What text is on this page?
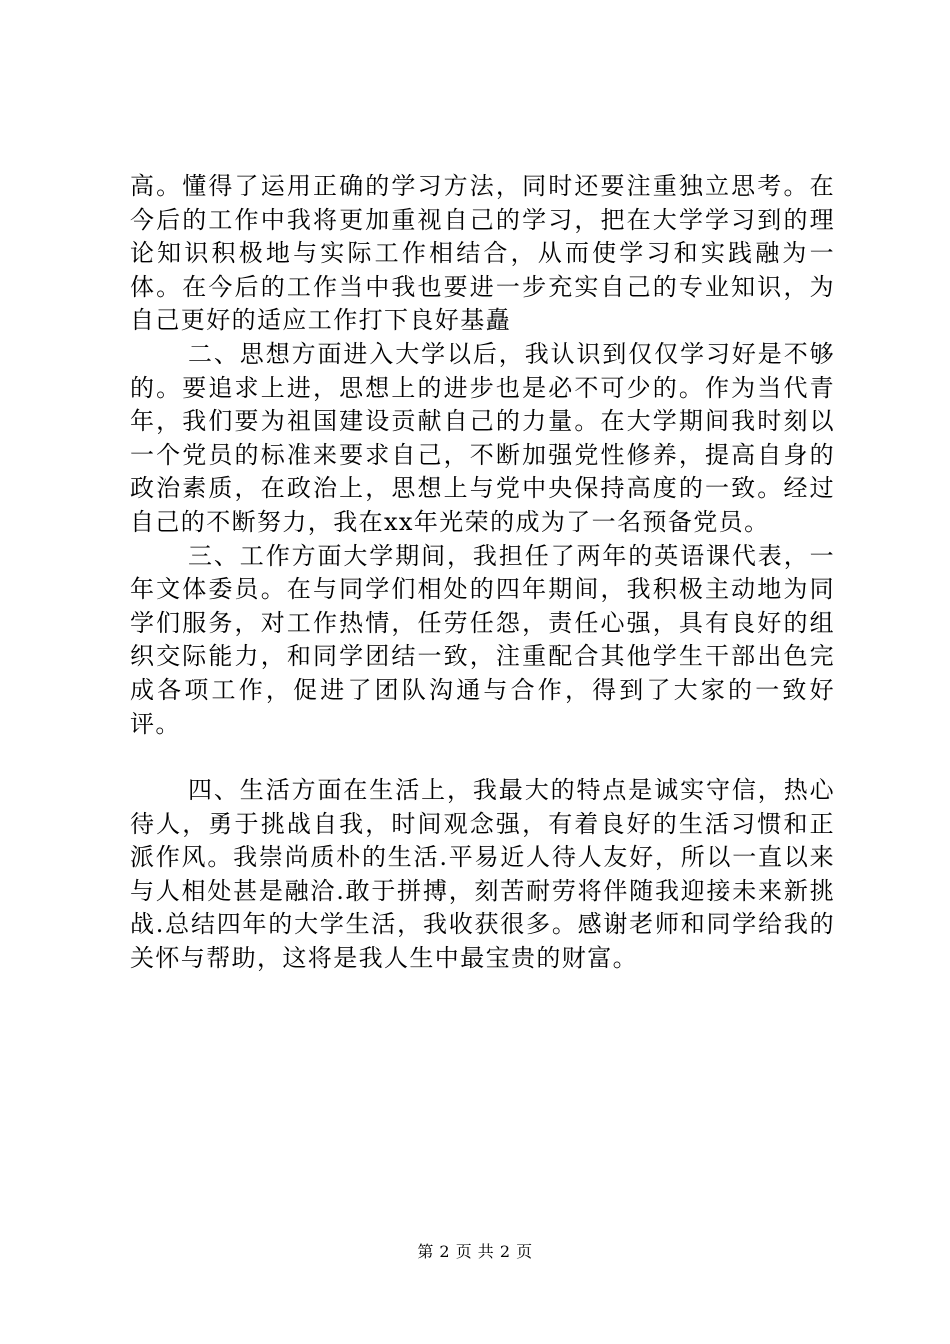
高。懂得了运用正确的学习方法，同时还要注重独立思考。在今后的工作中我将更加重视自己的学习，把在大学学习到的理论知识积极地与实际工作相结合，从而使学习和实践融为一体。在今后的工作当中我也要进一步充实自己的专业知识，为自己更好的适应工作打下良好基矗

二、思想方面进入大学以后，我认识到仅仅学习好是不够的。要追求上进，思想上的进步也是必不可少的。作为当代青年，我们要为祖国建设贡献自己的力量。在大学期间我时刻以一个党员的标准来要求自己，不断加强党性修养，提高自身的政治素质，在政治上，思想上与党中央保持高度的一致。经过自己的不断努力，我在xx年光荣的成为了一名预备党员。

三、工作方面大学期间，我担任了两年的英语课代表，一年文体委员。在与同学们相处的四年期间，我积极主动地为同学们服务，对工作热情，任劳任怨，责任心强，具有良好的组织交际能力，和同学团结一致，注重配合其他学生干部出色完成各项工作，促进了团队沟通与合作，得到了大家的一致好评。

四、生活方面在生活上，我最大的特点是诚实守信，热心待人，勇于挑战自我，时间观念强，有着良好的生活习惯和正派作风。我崇尚质朴的生活.平易近人待人友好，所以一直以来与人相处甚是融洽.敢于拼搏，刻苦耐劳将伴随我迎接未来新挑战.总结四年的大学生活，我收获很多。感谢老师和同学给我的关怀与帮助，这将是我人生中最宝贵的财富。

第 2 页 共 2 页
